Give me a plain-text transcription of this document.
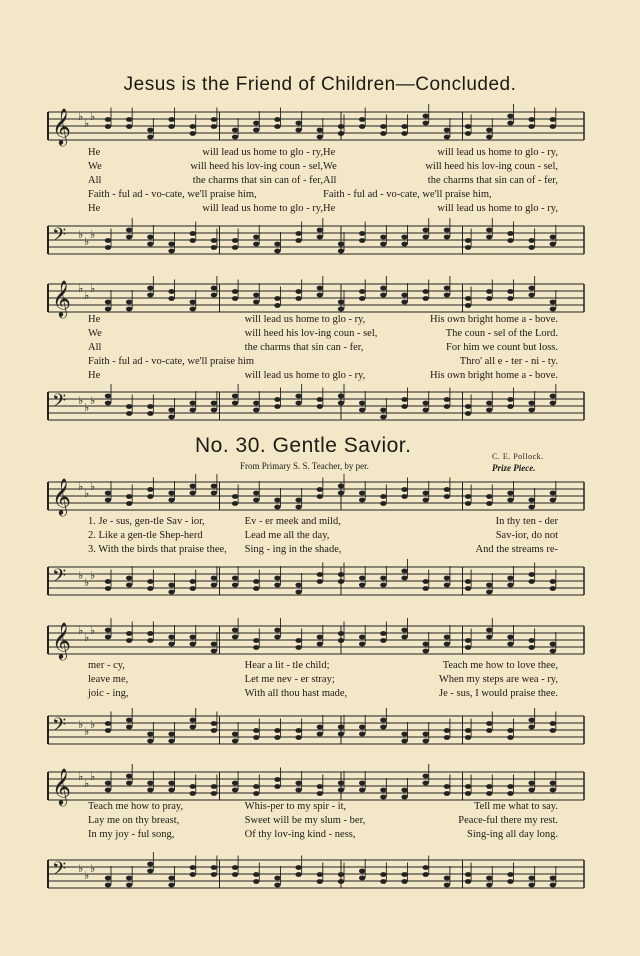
Jesus is the Friend of Children—Concluded.
𝄞 ♭
♭
♭
𝄢 ♭
♭
♭
𝄞 ♭
♭
♭
𝄢 ♭
♭
♭
He	will lead us home to glo - ry, He	will lead us home to glo - ry,
We	will heed his lov-ing coun - sel, We	will heed his lov-ing coun - sel,
All	the charms that sin can of - fer, All	the charms that sin can of - fer,
Faith - ful ad - vo-cate, we'll praise him,	Faith - ful ad - vo-cate, we'll praise him,
He	will lead us home to glo - ry, He	will lead us home to glo - ry,
He	will lead us home to glo - ry,	His own bright home a - bove.
We	will heed his lov-ing coun - sel,	The coun - sel of the Lord.
All	the charms that sin can - fer,	For him we count but loss.
Faith - ful ad - vo-cate, we'll praise him	Thro' all e - ter - ni - ty.
He	will lead us home to glo - ry,	His own bright home a - bove.
No. 30. Gentle Savior.
From Primary S. S. Teacher, by per.
C. E. Pollock.
Prize Piece.
𝄞 ♭
♭
♭
𝄢 ♭
♭
♭
𝄞 ♭
♭
♭
𝄢 ♭
♭
♭
𝄞 ♭
♭
♭
𝄢 ♭
♭
♭
1. Je - sus, gen-tle Sav - ior,	Ev - er meek and mild,	In thy ten - der
2. Like a gen-tle Shep-herd	Lead me all the day,	Sav-ior, do not
3. With the birds that praise thee,	Sing - ing in the shade,	And the streams re-
mer - cy,	Hear a lit - tle child;	Teach me how to love thee,
leave me,	Let me nev - er stray;	When my steps are wea - ry,
joic - ing,	With all thou hast made,	Je - sus, I would praise thee.
Teach me how to pray,	Whis-per to my spir - it,	Tell me what to say.
Lay me on thy breast,	Sweet will be my slum - ber,	Peace-ful there my rest.
In my joy - ful song,	Of thy lov-ing kind - ness,	Sing-ing all day long.
